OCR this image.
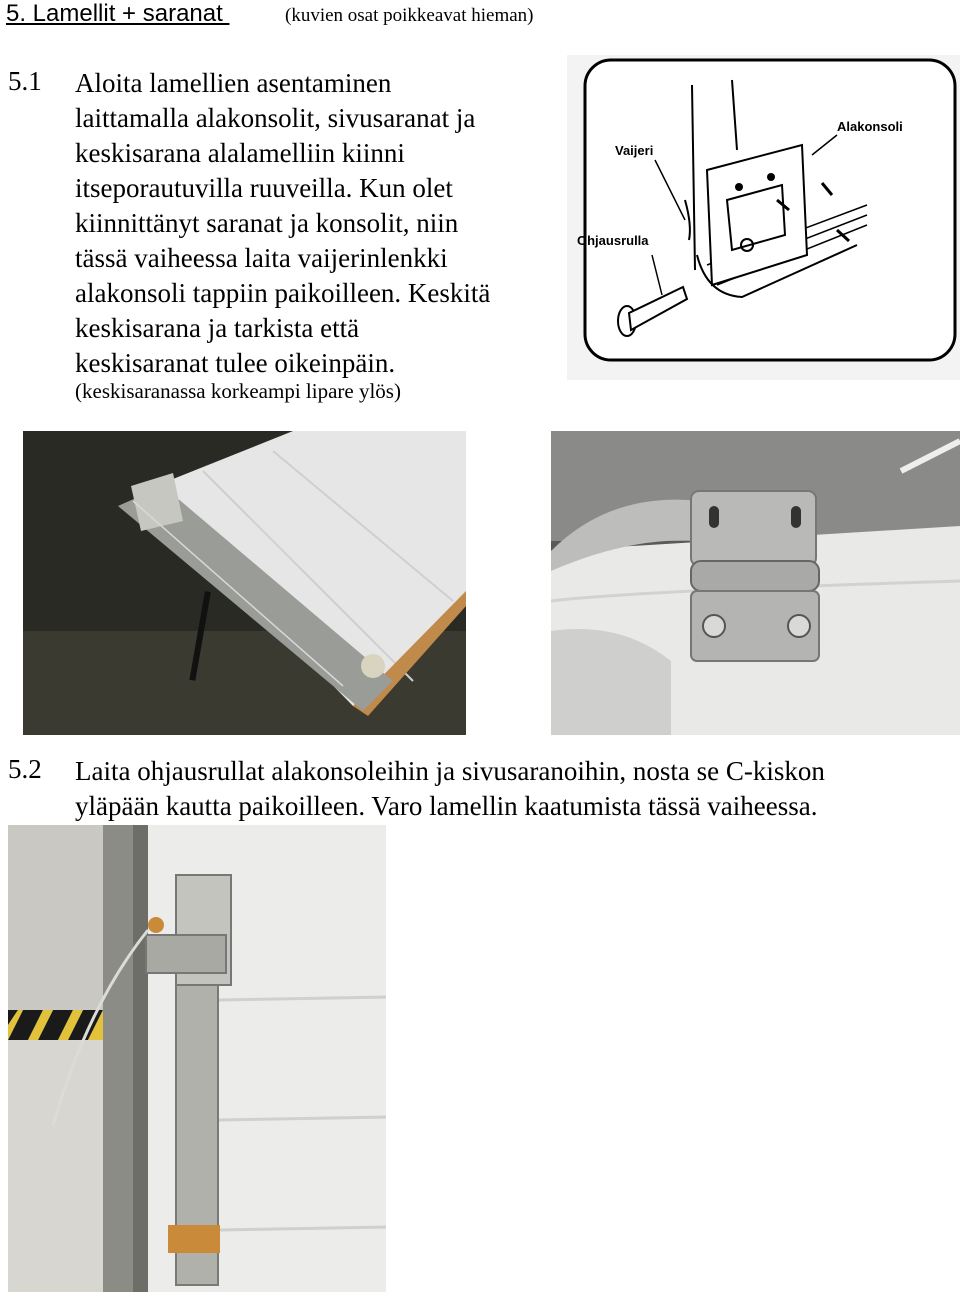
5. Lamellit + saranat	(kuvien osat poikkeavat hieman)
5.1 Aloita lamellien asentaminen
laittamalla alakonsolit, sivusaranat ja
keskisarana alalamelliin kiinni
itseporautuvilla ruuveilla. Kun olet
kiinnittänyt saranat ja konsolit, niin
tässä vaiheessa laita vaijerinlenkki
alakonsoli tappiin paikoilleen. Keskitä
keskisarana ja tarkista että
keskisaranat tulee oikeinpäin.
(keskisaranassa korkeampi lipare ylös)
Vaijeri
Alakonsoli
Ohjausrulla
5.2 Laita ohjausrullat alakonsoleihin ja sivusaranoihin, nosta se C-kiskon
yläpään kautta paikoilleen. Varo lamellin kaatumista tässä vaiheessa.
